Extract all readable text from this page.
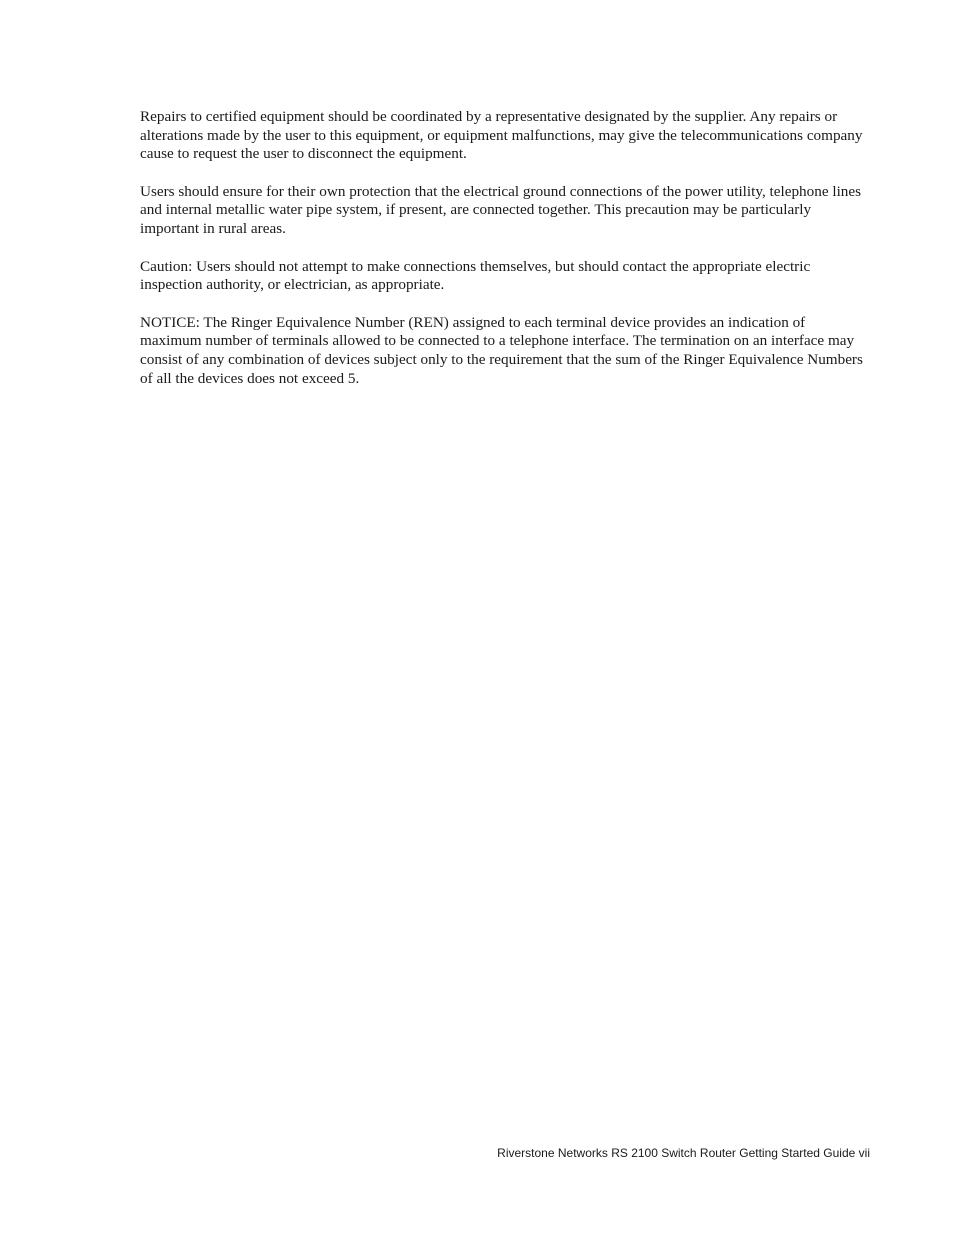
Repairs to certified equipment should be coordinated by a representative designated by the supplier. Any repairs or alterations made by the user to this equipment, or equipment malfunctions, may give the telecommunications company cause to request the user to disconnect the equipment.

Users should ensure for their own protection that the electrical ground connections of the power utility, telephone lines and internal metallic water pipe system, if present, are connected together. This precaution may be particularly important in rural areas.

Caution: Users should not attempt to make connections themselves, but should contact the appropriate electric inspection authority, or electrician, as appropriate.

NOTICE: The Ringer Equivalence Number (REN) assigned to each terminal device provides an indication of maximum number of terminals allowed to be connected to a telephone interface. The termination on an interface may consist of any combination of devices subject only to the requirement that the sum of the Ringer Equivalence Numbers of all the devices does not exceed 5.

Riverstone Networks RS 2100 Switch Router Getting Started Guide vii
